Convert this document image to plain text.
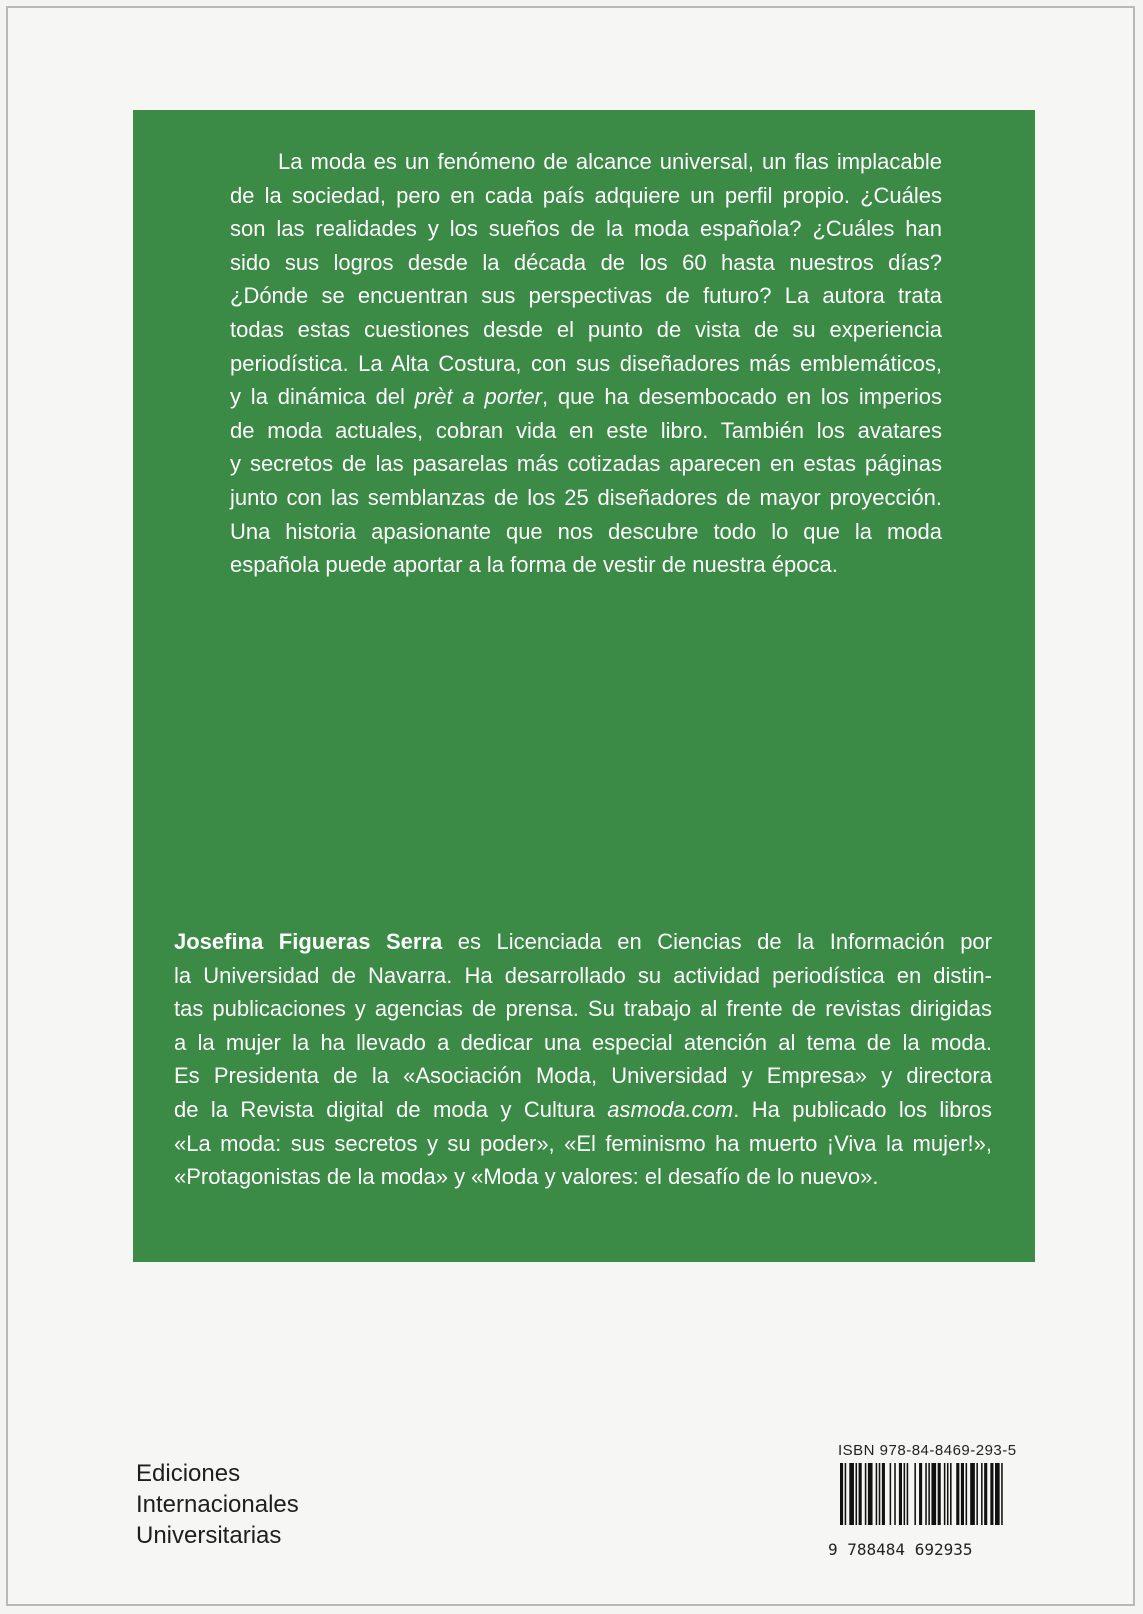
La moda es un fenómeno de alcance universal, un flas implacable
de la sociedad, pero en cada país adquiere un perfil propio. ¿Cuáles
son las realidades y los sueños de la moda española? ¿Cuáles han
sido sus logros desde la década de los 60 hasta nuestros días?
¿Dónde se encuentran sus perspectivas de futuro? La autora trata
todas estas cuestiones desde el punto de vista de su experiencia
periodística. La Alta Costura, con sus diseñadores más emblemáticos,
y la dinámica del prèt a porter, que ha desembocado en los imperios
de moda actuales, cobran vida en este libro. También los avatares
y secretos de las pasarelas más cotizadas aparecen en estas páginas
junto con las semblanzas de los 25 diseñadores de mayor proyección.
Una historia apasionante que nos descubre todo lo que la moda
española puede aportar a la forma de vestir de nuestra época.
Josefina Figueras Serra es Licenciada en Ciencias de la Información por
la Universidad de Navarra. Ha desarrollado su actividad periodística en distin-
tas publicaciones y agencias de prensa. Su trabajo al frente de revistas dirigidas
a la mujer la ha llevado a dedicar una especial atención al tema de la moda.
Es Presidenta de la «Asociación Moda, Universidad y Empresa» y directora
de la Revista digital de moda y Cultura asmoda.com. Ha publicado los libros
«La moda: sus secretos y su poder», «El feminismo ha muerto ¡Viva la mujer!»,
«Protagonistas de la moda» y «Moda y valores: el desafío de lo nuevo».
Ediciones
Internacionales
Universitarias
ISBN 978-84-8469-293-5
9 788484 692935
